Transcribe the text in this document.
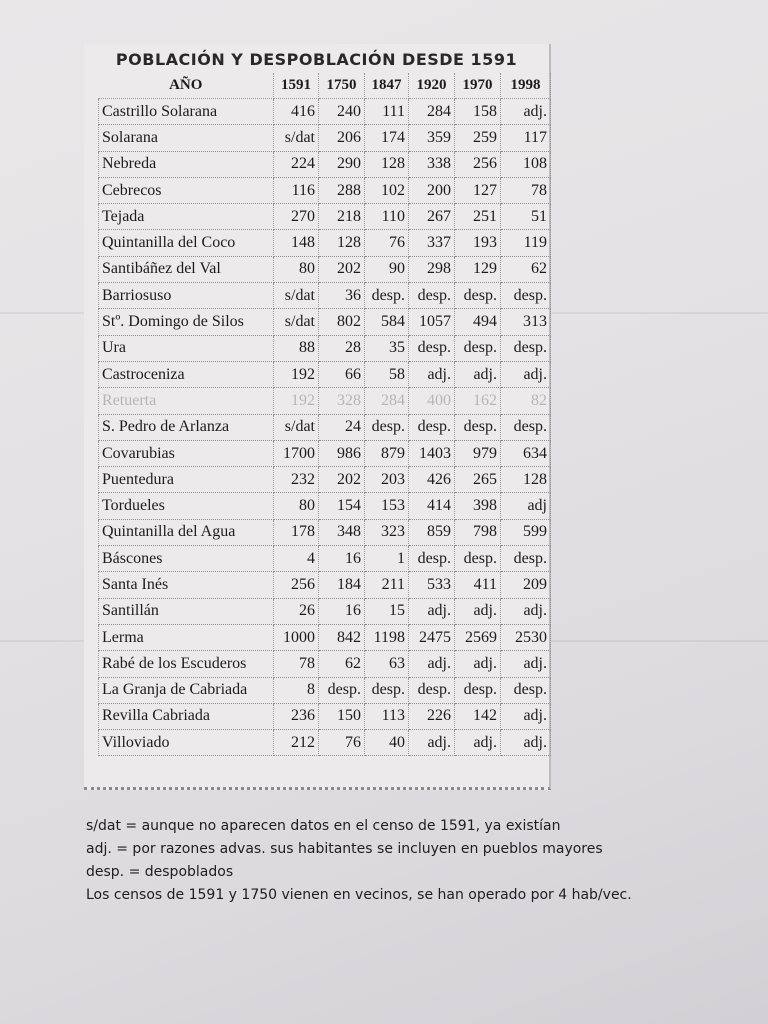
POBLACIÓN Y DESPOBLACIÓN DESDE 1591
AÑO	1591	1750	1847	1920	1970	1998
Castrillo Solarana	416	240	111	284	158	adj.
Solarana	s/dat	206	174	359	259	117
Nebreda	224	290	128	338	256	108
Cebrecos	116	288	102	200	127	78
Tejada	270	218	110	267	251	51
Quintanilla del Coco	148	128	76	337	193	119
Santibáñez del Val	80	202	90	298	129	62
Barriosuso	s/dat	36	desp.	desp.	desp.	desp.
Stº. Domingo de Silos	s/dat	802	584	1057	494	313
Ura	88	28	35	desp.	desp.	desp.
Castroceniza	192	66	58	adj.	adj.	adj.
Retuerta	192	328	284	400	162	82
S. Pedro de Arlanza	s/dat	24	desp.	desp.	desp.	desp.
Covarubias	1700	986	879	1403	979	634
Puentedura	232	202	203	426	265	128
Tordueles	80	154	153	414	398	adj
Quintanilla del Agua	178	348	323	859	798	599
Báscones	4	16	1	desp.	desp.	desp.
Santa Inés	256	184	211	533	411	209
Santillán	26	16	15	adj.	adj.	adj.
Lerma	1000	842	1198	2475	2569	2530
Rabé de los Escuderos	78	62	63	adj.	adj.	adj.
La Granja de Cabriada	8	desp.	desp.	desp.	desp.	desp.
Revilla Cabriada	236	150	113	226	142	adj.
Villoviado	212	76	40	adj.	adj.	adj.
s/dat = aunque no aparecen datos en el censo de 1591, ya existían
adj. = por razones advas. sus habitantes se incluyen en pueblos mayores
desp. = despoblados
Los censos de 1591 y 1750 vienen en vecinos, se han operado por 4 hab/vec.
